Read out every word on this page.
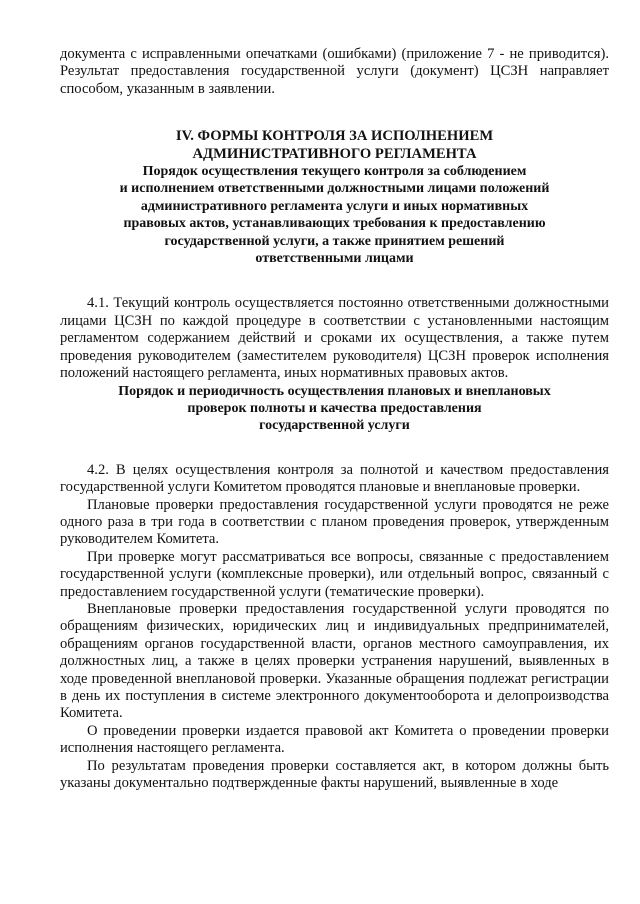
документа с исправленными опечатками (ошибками) (приложение 7 - не приводится). Результат предоставления государственной услуги (документ) ЦСЗН направляет способом, указанным в заявлении.

IV. ФОРМЫ КОНТРОЛЯ ЗА ИСПОЛНЕНИЕМ
АДМИНИСТРАТИВНОГО РЕГЛАМЕНТА
Порядок осуществления текущего контроля за соблюдением
и исполнением ответственными должностными лицами положений
административного регламента услуги и иных нормативных
правовых актов, устанавливающих требования к предоставлению
государственной услуги, а также принятием решений
ответственными лицами

4.1. Текущий контроль осуществляется постоянно ответственными должностными лицами ЦСЗН по каждой процедуре в соответствии с установленными настоящим регламентом содержанием действий и сроками их осуществления, а также путем проведения руководителем (заместителем руководителя) ЦСЗН проверок исполнения положений настоящего регламента, иных нормативных правовых актов.

Порядок и периодичность осуществления плановых и внеплановых
проверок полноты и качества предоставления
государственной услуги

4.2. В целях осуществления контроля за полнотой и качеством предоставления государственной услуги Комитетом проводятся плановые и внеплановые проверки.

Плановые проверки предоставления государственной услуги проводятся не реже одного раза в три года в соответствии с планом проведения проверок, утвержденным руководителем Комитета.

При проверке могут рассматриваться все вопросы, связанные с предоставлением государственной услуги (комплексные проверки), или отдельный вопрос, связанный с предоставлением государственной услуги (тематические проверки).

Внеплановые проверки предоставления государственной услуги проводятся по обращениям физических, юридических лиц и индивидуальных предпринимателей, обращениям органов государственной власти, органов местного самоуправления, их должностных лиц, а также в целях проверки устранения нарушений, выявленных в ходе проведенной внеплановой проверки. Указанные обращения подлежат регистрации в день их поступления в системе электронного документооборота и делопроизводства Комитета.

О проведении проверки издается правовой акт Комитета о проведении проверки исполнения настоящего регламента.

По результатам проведения проверки составляется акт, в котором должны быть указаны документально подтвержденные факты нарушений, выявленные в ходе
